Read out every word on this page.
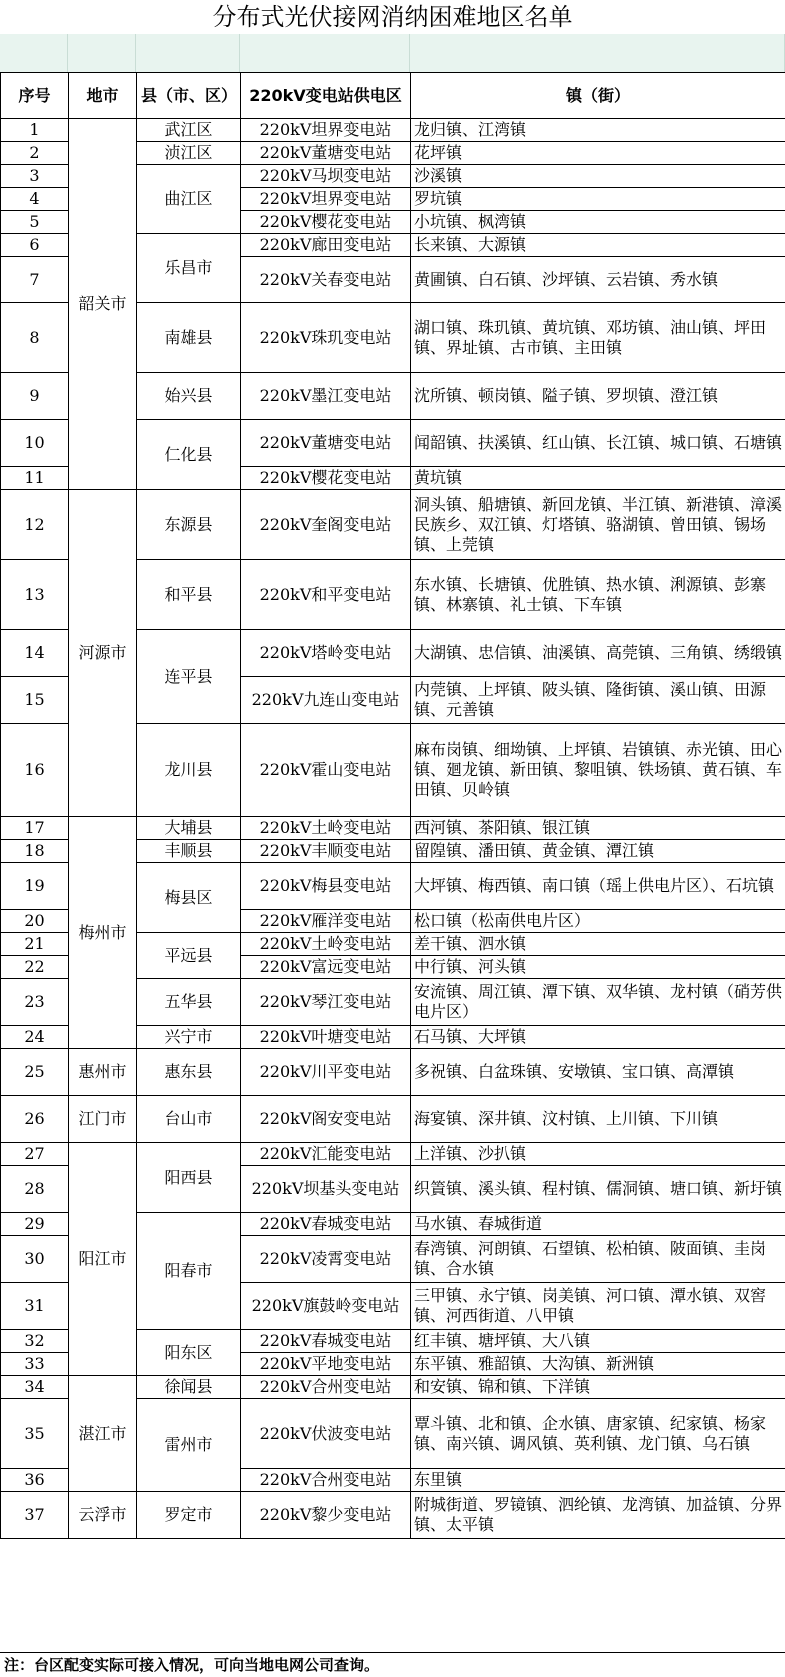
分布式光伏接网消纳困难地区名单
序号	地市	县（市、区）	220kV变电站供电区	镇（街）
1	韶关市	武江区	220kV坦界变电站	龙归镇、江湾镇
2		浈江区	220kV董塘变电站	花坪镇
3		曲江区	220kV马坝变电站	沙溪镇
4			220kV坦界变电站	罗坑镇
5			220kV樱花变电站	小坑镇、枫湾镇
6		乐昌市	220kV廊田变电站	长来镇、大源镇
7			220kV关春变电站	黄圃镇、白石镇、沙坪镇、云岩镇、秀水镇
8		南雄县	220kV珠玑变电站	湖口镇、珠玑镇、黄坑镇、邓坊镇、油山镇、坪田镇、界址镇、古市镇、主田镇
9		始兴县	220kV墨江变电站	沈所镇、顿岗镇、隘子镇、罗坝镇、澄江镇
10		仁化县	220kV董塘变电站	闻韶镇、扶溪镇、红山镇、长江镇、城口镇、石塘镇
11			220kV樱花变电站	黄坑镇
12	河源市	东源县	220kV奎阁变电站	洞头镇、船塘镇、新回龙镇、半江镇、新港镇、漳溪民族乡、双江镇、灯塔镇、骆湖镇、曾田镇、锡场镇、上莞镇
13		和平县	220kV和平变电站	东水镇、长塘镇、优胜镇、热水镇、浰源镇、彭寨镇、林寨镇、礼士镇、下车镇
14		连平县	220kV塔岭变电站	大湖镇、忠信镇、油溪镇、高莞镇、三角镇、绣缎镇
15			220kV九连山变电站	内莞镇、上坪镇、陂头镇、隆街镇、溪山镇、田源镇、元善镇
16		龙川县	220kV霍山变电站	麻布岗镇、细坳镇、上坪镇、岩镇镇、赤光镇、田心镇、廻龙镇、新田镇、黎咀镇、铁场镇、黄石镇、车田镇、贝岭镇
17	梅州市	大埔县	220kV土岭变电站	西河镇、茶阳镇、银江镇
18		丰顺县	220kV丰顺变电站	留隍镇、潘田镇、黄金镇、潭江镇
19		梅县区	220kV梅县变电站	大坪镇、梅西镇、南口镇（瑶上供电片区）、石坑镇
20			220kV雁洋变电站	松口镇（松南供电片区）
21		平远县	220kV土岭变电站	差干镇、泗水镇
22			220kV富远变电站	中行镇、河头镇
23		五华县	220kV琴江变电站	安流镇、周江镇、潭下镇、双华镇、龙村镇（硝芳供电片区）
24		兴宁市	220kV叶塘变电站	石马镇、大坪镇
25	惠州市	惠东县	220kV川平变电站	多祝镇、白盆珠镇、安墩镇、宝口镇、高潭镇
26	江门市	台山市	220kV阁安变电站	海宴镇、深井镇、汶村镇、上川镇、下川镇
27	阳江市	阳西县	220kV汇能变电站	上洋镇、沙扒镇
28			220kV坝基头变电站	织篢镇、溪头镇、程村镇、儒洞镇、塘口镇、新圩镇
29		阳春市	220kV春城变电站	马水镇、春城街道
30			220kV凌霄变电站	春湾镇、河朗镇、石望镇、松柏镇、陂面镇、圭岗镇、合水镇
31			220kV旗鼓岭变电站	三甲镇、永宁镇、岗美镇、河口镇、潭水镇、双窖镇、河西街道、八甲镇
32		阳东区	220kV春城变电站	红丰镇、塘坪镇、大八镇
33			220kV平地变电站	东平镇、雅韶镇、大沟镇、新洲镇
34	湛江市	徐闻县	220kV合州变电站	和安镇、锦和镇、下洋镇
35		雷州市	220kV伏波变电站	覃斗镇、北和镇、企水镇、唐家镇、纪家镇、杨家镇、南兴镇、调风镇、英利镇、龙门镇、乌石镇
36			220kV合州变电站	东里镇
37	云浮市	罗定市	220kV黎少变电站	附城街道、罗镜镇、泗纶镇、龙湾镇、加益镇、分界镇、太平镇
注：台区配变实际可接入情况，可向当地电网公司查询。
